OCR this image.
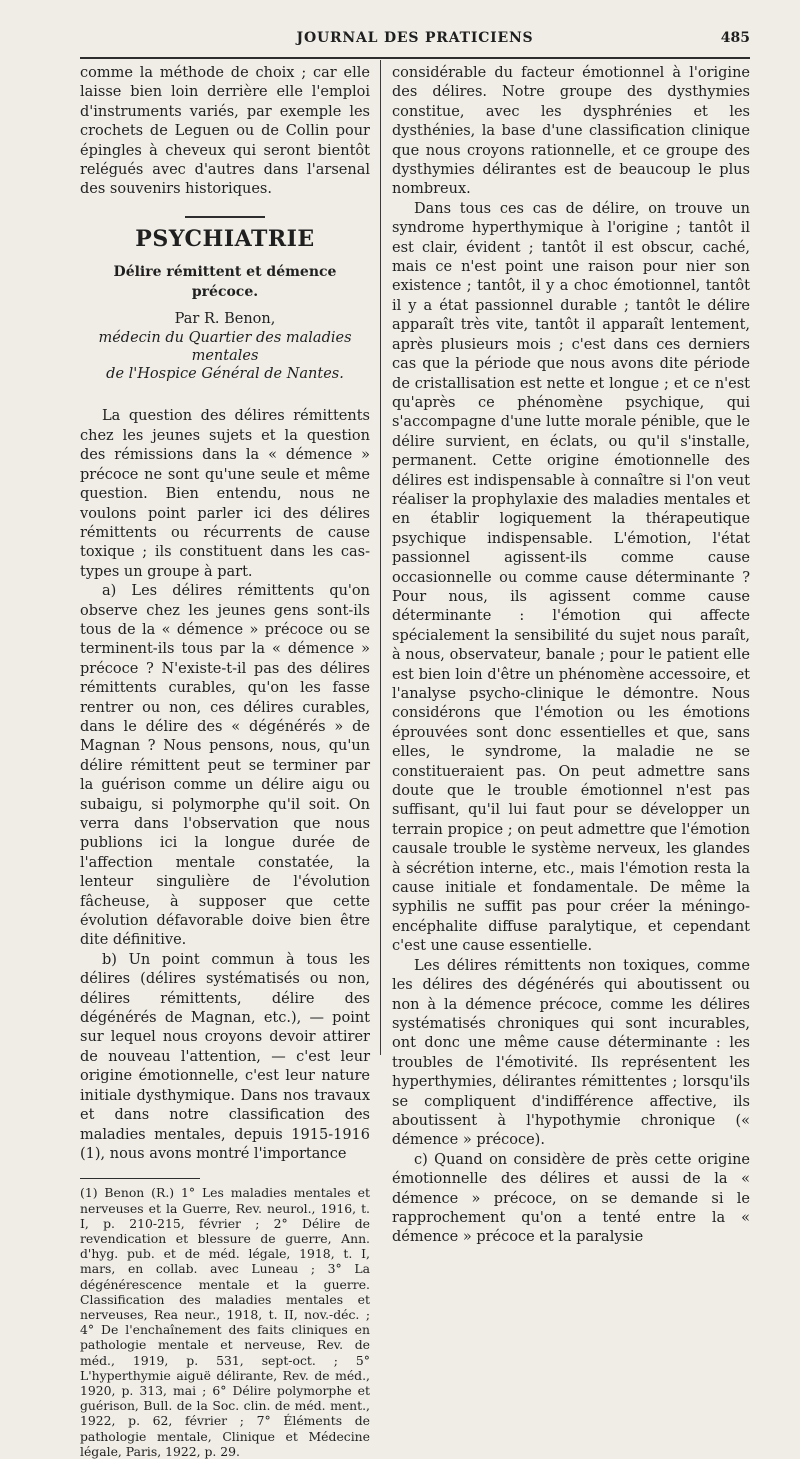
JOURNAL DES PRATICIENS	485

comme la méthode de choix ; car elle laisse bien loin derrière elle l'emploi d'instruments variés, par exemple les crochets de Leguen ou de Collin pour épingles à cheveux qui seront bientôt relégués avec d'autres dans l'arsenal des souvenirs historiques.

PSYCHIATRIE
Délire rémittent et démence précoce.
Par R. Benon,
médecin du Quartier des maladies mentales
de l'Hospice Général de Nantes.

La question des délires rémittents chez les jeunes sujets et la question des rémissions dans la « démence » précoce ne sont qu'une seule et même question. Bien entendu, nous ne voulons point parler ici des délires rémittents ou récurrents de cause toxique ; ils constituent dans les cas-types un groupe à part.

a) Les délires rémittents qu'on observe chez les jeunes gens sont-ils tous de la « démence » précoce ou se terminent-ils tous par la « démence » précoce ? N'existe-t-il pas des délires rémittents curables, qu'on les fasse rentrer ou non, ces délires curables, dans le délire des « dégénérés » de Magnan ? Nous pensons, nous, qu'un délire rémittent peut se terminer par la guérison comme un délire aigu ou subaigu, si polymorphe qu'il soit. On verra dans l'observation que nous publions ici la longue durée de l'affection mentale constatée, la lenteur singulière de l'évolution fâcheuse, à supposer que cette évolution défavorable doive bien être dite définitive.

b) Un point commun à tous les délires (délires systématisés ou non, délires rémittents, délire des dégénérés de Magnan, etc.), — point sur lequel nous croyons devoir attirer de nouveau l'attention, — c'est leur origine émotionnelle, c'est leur nature initiale dysthymique. Dans nos travaux et dans notre classification des maladies mentales, depuis 1915-1916 (1), nous avons montré l'importance

(1) Benon (R.) 1° Les maladies mentales et nerveuses et la Guerre, Rev. neurol., 1916, t. I, p. 210-215, février ; 2° Délire de revendication et blessure de guerre, Ann. d'hyg. pub. et de méd. légale, 1918, t. I, mars, en collab. avec Luneau ; 3° La dégénérescence mentale et la guerre. Classification des maladies mentales et nerveuses, Rea neur., 1918, t. II, nov.-déc. ; 4° De l'enchaînement des faits cliniques en pathologie mentale et nerveuse, Rev. de méd., 1919, p. 531, sept-oct. ; 5° L'hyperthymie aiguë délirante, Rev. de méd., 1920, p. 313, mai ; 6° Délire polymorphe et guérison, Bull. de la Soc. clin. de méd. ment., 1922, p. 62, février ; 7° Éléments de pathologie mentale, Clinique et Médecine légale, Paris, 1922, p. 29.

considérable du facteur émotionnel à l'origine des délires. Notre groupe des dysthymies constitue, avec les dysphrénies et les dysthénies, la base d'une classification clinique que nous croyons rationnelle, et ce groupe des dysthymies délirantes est de beaucoup le plus nombreux.

Dans tous ces cas de délire, on trouve un syndrome hyperthymique à l'origine ; tantôt il est clair, évident ; tantôt il est obscur, caché, mais ce n'est point une raison pour nier son existence ; tantôt, il y a choc émotionnel, tantôt il y a état passionnel durable ; tantôt le délire apparaît très vite, tantôt il apparaît lentement, après plusieurs mois ; c'est dans ces derniers cas que la période que nous avons dite période de cristallisation est nette et longue ; et ce n'est qu'après ce phénomène psychique, qui s'accompagne d'une lutte morale pénible, que le délire survient, en éclats, ou qu'il s'installe, permanent. Cette origine émotionnelle des délires est indispensable à connaître si l'on veut réaliser la prophylaxie des maladies mentales et en établir logiquement la thérapeutique psychique indispensable. L'émotion, l'état passionnel agissent-ils comme cause occasionnelle ou comme cause déterminante ? Pour nous, ils agissent comme cause déterminante : l'émotion qui affecte spécialement la sensibilité du sujet nous paraît, à nous, observateur, banale ; pour le patient elle est bien loin d'être un phénomène accessoire, et l'analyse psycho-clinique le démontre. Nous considérons que l'émotion ou les émotions éprouvées sont donc essentielles et que, sans elles, le syndrome, la maladie ne se constitueraient pas. On peut admettre sans doute que le trouble émotionnel n'est pas suffisant, qu'il lui faut pour se développer un terrain propice ; on peut admettre que l'émotion causale trouble le système nerveux, les glandes à sécrétion interne, etc., mais l'émotion resta la cause initiale et fondamentale. De même la syphilis ne suffit pas pour créer la méningo-encéphalite diffuse paralytique, et cependant c'est une cause essentielle.

Les délires rémittents non toxiques, comme les délires des dégénérés qui aboutissent ou non à la démence précoce, comme les délires systématisés chroniques qui sont incurables, ont donc une même cause déterminante : les troubles de l'émotivité. Ils représentent les hyperthymies, délirantes rémittentes ; lorsqu'ils se compliquent d'indifférence affective, ils aboutissent à l'hypothymie chronique (« démence » précoce).

c) Quand on considère de près cette origine émotionnelle des délires et aussi de la « démence » précoce, on se demande si le rapprochement qu'on a tenté entre la « démence » précoce et la paralysie
